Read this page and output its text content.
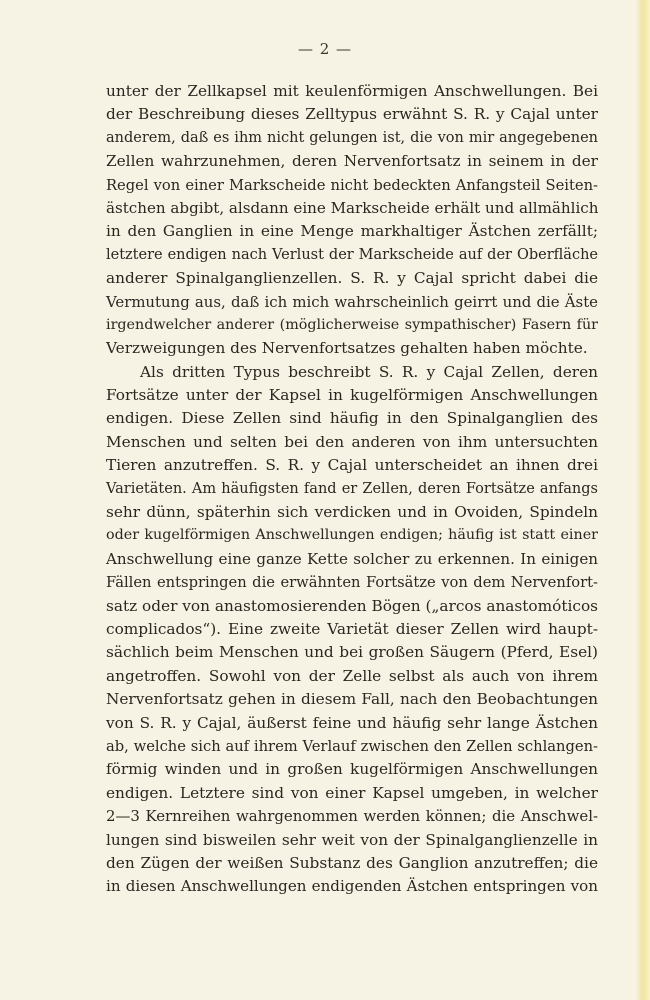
— 2 —
unter der Zellkapsel mit keulenförmigen Anschwellungen. Bei
der Beschreibung dieses Zelltypus erwähnt S. R. y Cajal unter
anderem, daß es ihm nicht gelungen ist, die von mir angegebenen
Zellen wahrzunehmen, deren Nervenfortsatz in seinem in der
Regel von einer Markscheide nicht bedeckten Anfangsteil Seiten-
ästchen abgibt, alsdann eine Markscheide erhält und allmählich
in den Ganglien in eine Menge markhaltiger Ästchen zerfällt;
letztere endigen nach Verlust der Markscheide auf der Oberfläche
anderer Spinalganglienzellen. S. R. y Cajal spricht dabei die
Vermutung aus, daß ich mich wahrscheinlich geirrt und die Äste
irgendwelcher anderer (möglicherweise sympathischer) Fasern für
Verzweigungen des Nervenfortsatzes gehalten haben möchte.
Als dritten Typus beschreibt S. R. y Cajal Zellen, deren
Fortsätze unter der Kapsel in kugelförmigen Anschwellungen
endigen. Diese Zellen sind häufig in den Spinalganglien des
Menschen und selten bei den anderen von ihm untersuchten
Tieren anzutreffen. S. R. y Cajal unterscheidet an ihnen drei
Varietäten. Am häufigsten fand er Zellen, deren Fortsätze anfangs
sehr dünn, späterhin sich verdicken und in Ovoiden, Spindeln
oder kugelförmigen Anschwellungen endigen; häufig ist statt einer
Anschwellung eine ganze Kette solcher zu erkennen. In einigen
Fällen entspringen die erwähnten Fortsätze von dem Nervenfort-
satz oder von anastomosierenden Bögen („arcos anastomóticos
complicados“). Eine zweite Varietät dieser Zellen wird haupt-
sächlich beim Menschen und bei großen Säugern (Pferd, Esel)
angetroffen. Sowohl von der Zelle selbst als auch von ihrem
Nervenfortsatz gehen in diesem Fall, nach den Beobachtungen
von S. R. y Cajal, äußerst feine und häufig sehr lange Ästchen
ab, welche sich auf ihrem Verlauf zwischen den Zellen schlangen-
förmig winden und in großen kugelförmigen Anschwellungen
endigen. Letztere sind von einer Kapsel umgeben, in welcher
2—3 Kernreihen wahrgenommen werden können; die Anschwel-
lungen sind bisweilen sehr weit von der Spinalganglienzelle in
den Zügen der weißen Substanz des Ganglion anzutreffen; die
in diesen Anschwellungen endigenden Ästchen entspringen von
